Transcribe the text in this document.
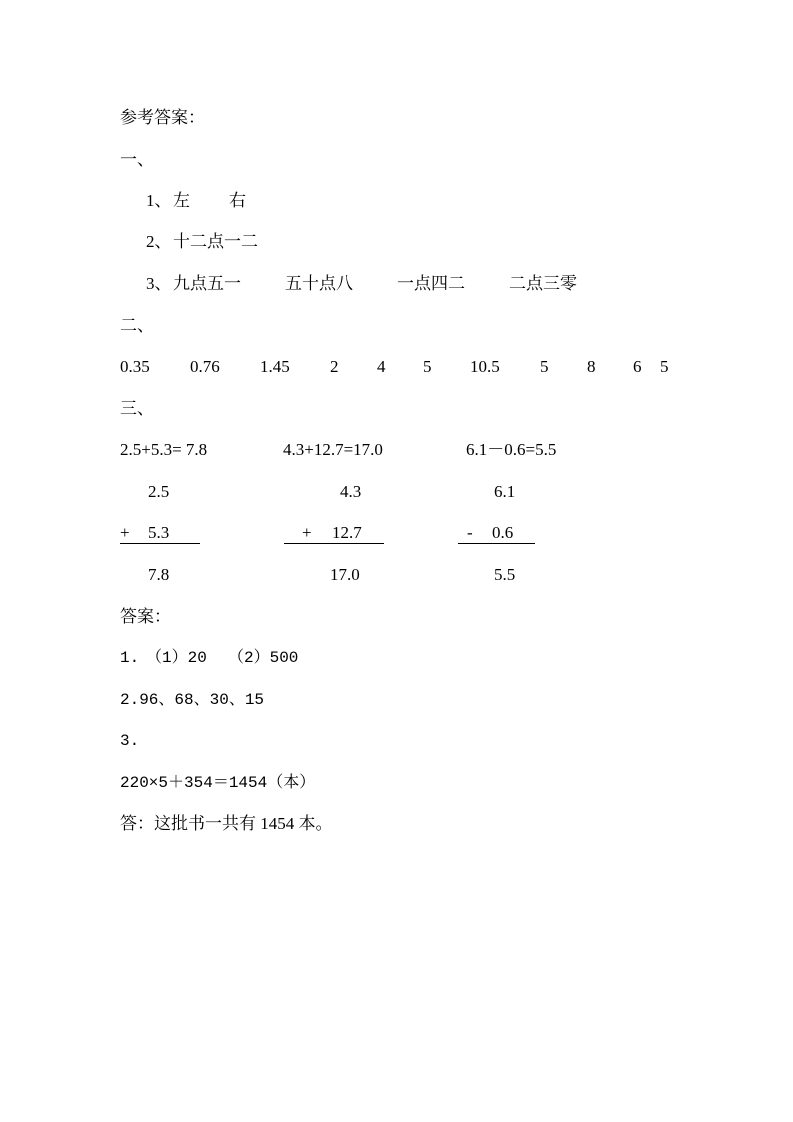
参考答案：
一、
1、 左 右
2、 十二点一二
3、 九点五一	五十点八	一点四二	二点三零
二、
0.35 0.76 1.45 2 4 5 10.5 5 8 6 5
三、
2.5+5.3= 7.8	4.3+12.7=17.0	6.1－0.6=5.5
2.5
+ 5.3
7.8
4.3
+ 12.7
17.0
6.1
- 0.6
5.5
答案：
1. （1）20 （2）500
2.96、68、30、15
3.
220×5＋354＝1454（本）
答：这批书一共有 1454 本。
